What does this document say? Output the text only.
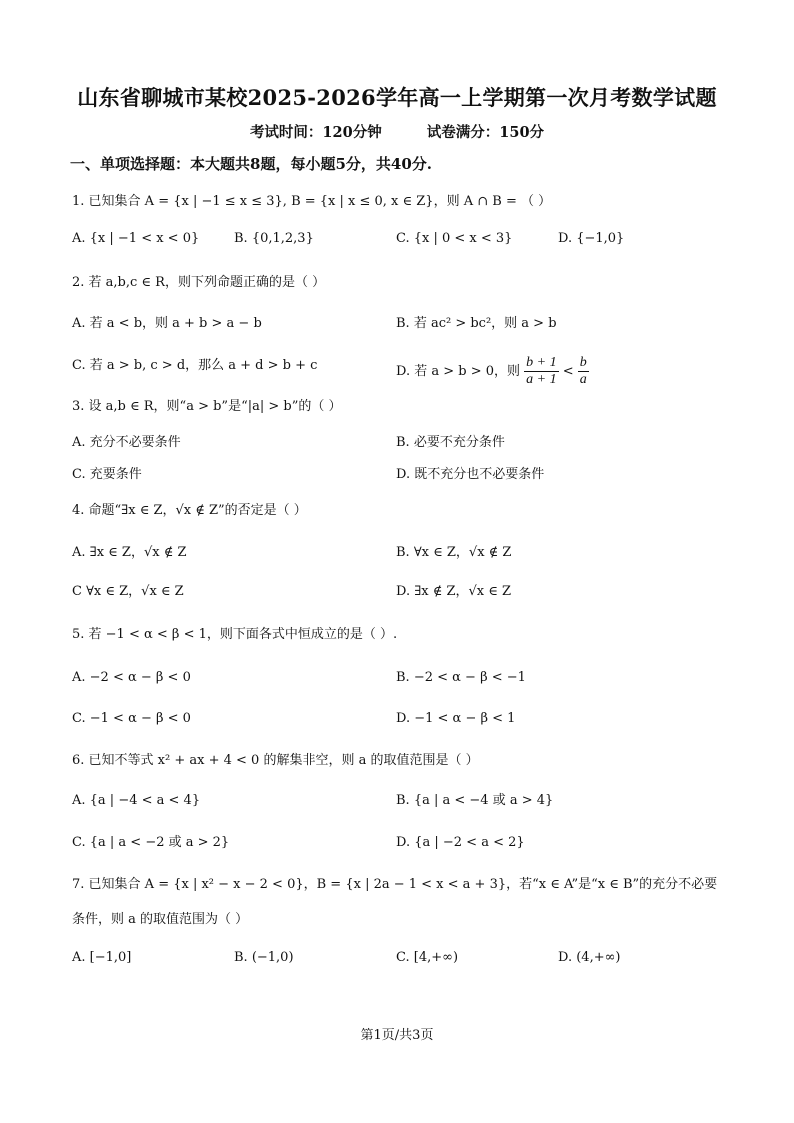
山东省聊城市某校2025-2026学年高一上学期第一次月考数学试题
考试时间：120分钟	试卷满分：150分
一、单项选择题：本大题共8题，每小题5分，共40分.
1. 已知集合 A = {x | −1 ≤ x ≤ 3}, B = {x | x ≤ 0, x ∈ Z}，则 A ∩ B = （ ）
A. {x | −1 < x < 0}	B. {0,1,2,3}	C. {x | 0 < x < 3}	D. {−1,0}
2. 若 a,b,c ∈ R，则下列命题正确的是（ ）
A. 若 a < b，则 a + b > a − b	B. 若 ac² > bc²，则 a > b
C. 若 a > b, c > d，那么 a + d > b + c	D. 若 a > b > 0，则 $\frac{b + 1}{a + 1} < \frac{b}{a}$
3. 设 a,b ∈ R，则“a > b”是“|a| > b”的（ ）
A. 充分不必要条件	B. 必要不充分条件
C. 充要条件	D. 既不充分也不必要条件
4. 命题“∃x ∈ Z，√x ∉ Z”的否定是（ ）
A. ∃x ∈ Z，√x ∉ Z	B. ∀x ∈ Z，√x ∉ Z
C ∀x ∈ Z，√x ∈ Z	D. ∃x ∉ Z，√x ∈ Z
5. 若 −1 < α < β < 1，则下面各式中恒成立的是（ ）.
A. −2 < α − β < 0	B. −2 < α − β < −1
C. −1 < α − β < 0	D. −1 < α − β < 1
6. 已知不等式 x² + ax + 4 < 0 的解集非空，则 a 的取值范围是（ ）
A. {a | −4 < a < 4}	B. {a | a < −4 或 a > 4}
C. {a | a < −2 或 a > 2}	D. {a | −2 < a < 2}
7. 已知集合 A = {x | x² − x − 2 < 0}，B = {x | 2a − 1 < x < a + 3}，若“x ∈ A”是“x ∈ B”的充分不必要
条件，则 a 的取值范围为（ ）
A. [−1,0]	B. (−1,0)	C. [4,+∞)	D. (4,+∞)
第1页/共3页
